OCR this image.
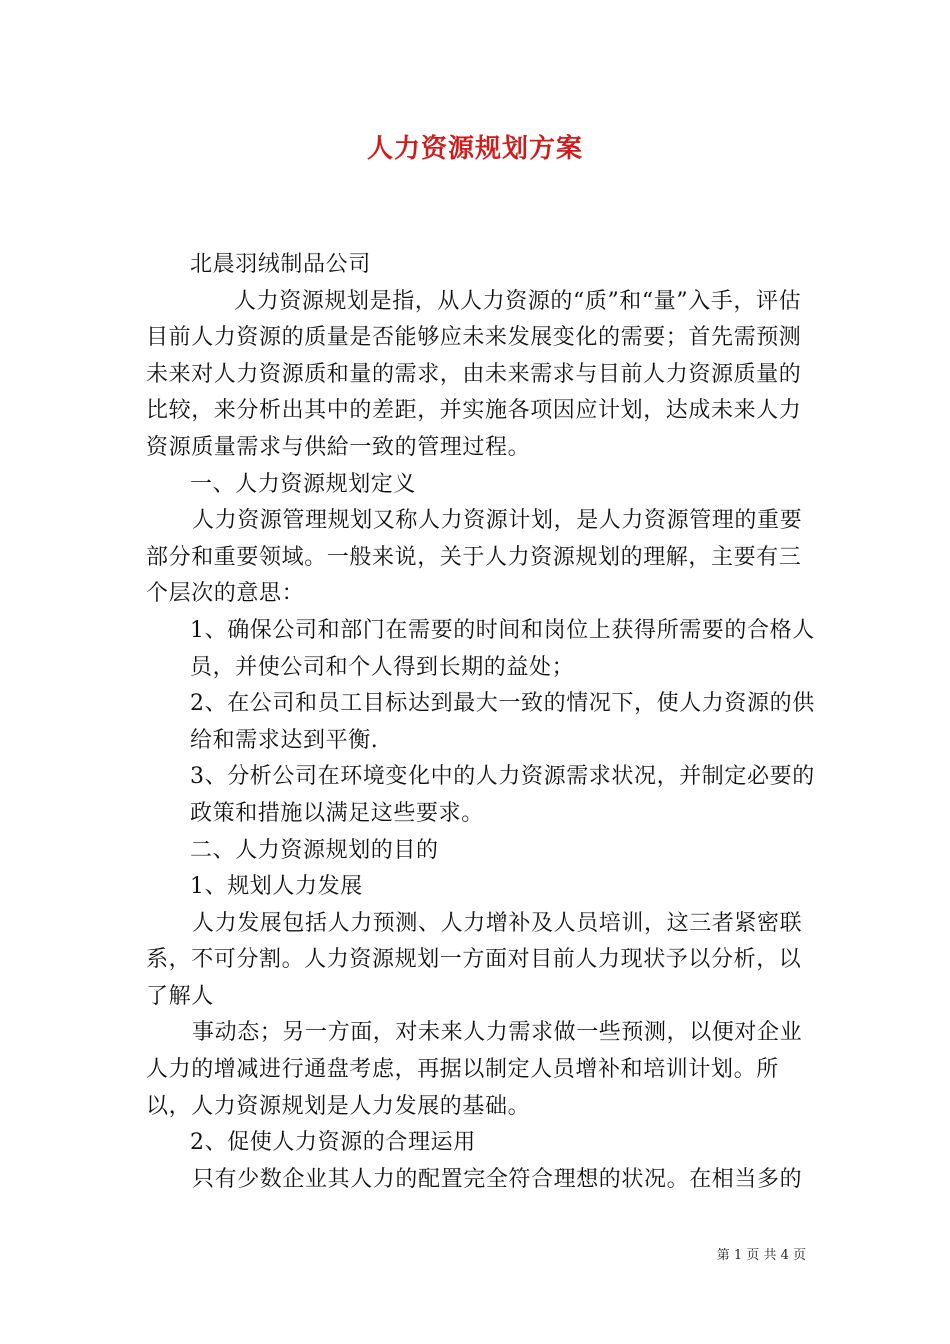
人力资源规划方案

北晨羽绒制品公司

人力资源规划是指，从人力资源的“质”和“量”入手，评估目前人力资源的质量是否能够应未来发展变化的需要；首先需预测未来对人力资源质和量的需求，由未来需求与目前人力资源质量的比较，来分析出其中的差距，并实施各项因应计划，达成未来人力资源质量需求与供給一致的管理过程。

一、人力资源规划定义

人力资源管理规划又称人力资源计划，是人力资源管理的重要部分和重要领域。一般来说，关于人力资源规划的理解，主要有三个层次的意思：

1、确保公司和部门在需要的时间和岗位上获得所需要的合格人员，并使公司和个人得到长期的益处；

2、在公司和员工目标达到最大一致的情况下，使人力资源的供给和需求达到平衡.

3、分析公司在环境变化中的人力资源需求状况，并制定必要的政策和措施以满足这些要求。

二、人力资源规划的目的

1、规划人力发展

人力发展包括人力预测、人力增补及人员培训，这三者紧密联系，不可分割。人力资源规划一方面对目前人力现状予以分析，以了解人

事动态；另一方面，对未来人力需求做一些预测，以便对企业人力的增减进行通盘考虑，再据以制定人员增补和培训计划。所以，人力资源规划是人力发展的基础。

2、促使人力资源的合理运用

只有少数企业其人力的配置完全符合理想的状况。在相当多的

第 1 页 共 4 页
